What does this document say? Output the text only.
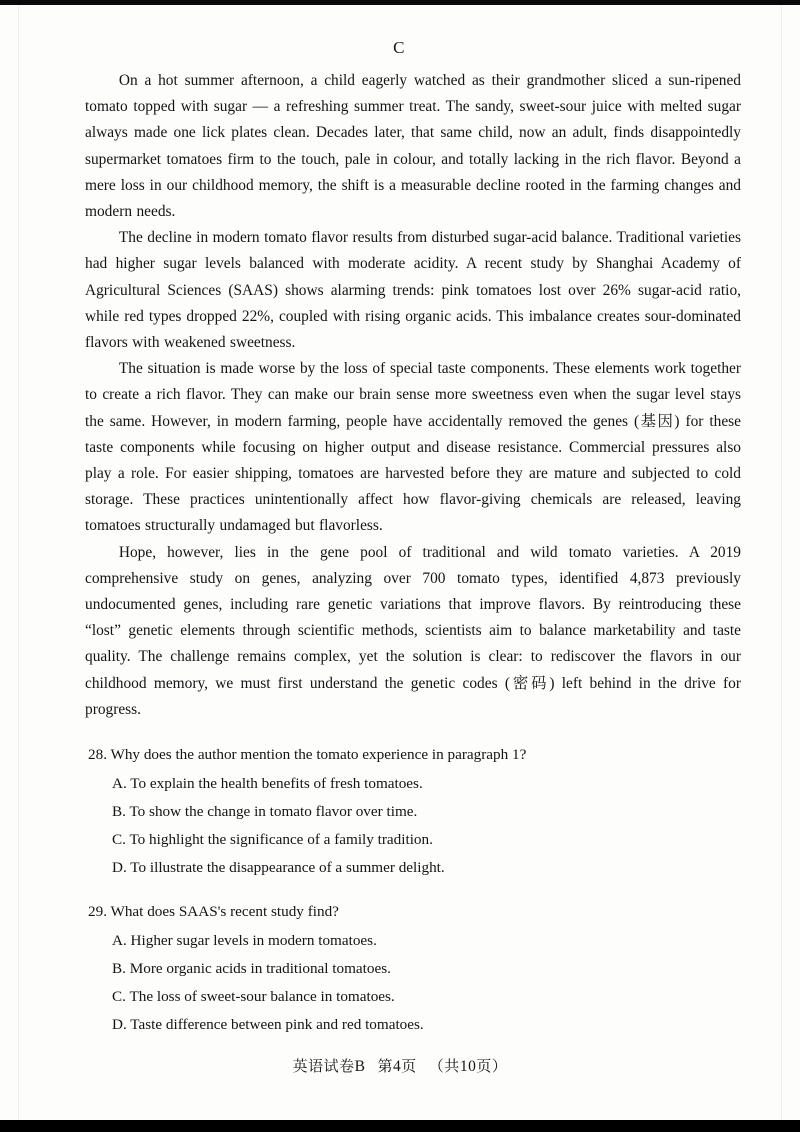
C

On a hot summer afternoon, a child eagerly watched as their grandmother sliced a sun-ripened tomato topped with sugar — a refreshing summer treat. The sandy, sweet-sour juice with melted sugar always made one lick plates clean. Decades later, that same child, now an adult, finds disappointedly supermarket tomatoes firm to the touch, pale in colour, and totally lacking in the rich flavor. Beyond a mere loss in our childhood memory, the shift is a measurable decline rooted in the farming changes and modern needs.

The decline in modern tomato flavor results from disturbed sugar-acid balance. Traditional varieties had higher sugar levels balanced with moderate acidity. A recent study by Shanghai Academy of Agricultural Sciences (SAAS) shows alarming trends: pink tomatoes lost over 26% sugar-acid ratio, while red types dropped 22%, coupled with rising organic acids. This imbalance creates sour-dominated flavors with weakened sweetness.

The situation is made worse by the loss of special taste components. These elements work together to create a rich flavor. They can make our brain sense more sweetness even when the sugar level stays the same. However, in modern farming, people have accidentally removed the genes (基因) for these taste components while focusing on higher output and disease resistance. Commercial pressures also play a role. For easier shipping, tomatoes are harvested before they are mature and subjected to cold storage. These practices unintentionally affect how flavor-giving chemicals are released, leaving tomatoes structurally undamaged but flavorless.

Hope, however, lies in the gene pool of traditional and wild tomato varieties. A 2019 comprehensive study on genes, analyzing over 700 tomato types, identified 4,873 previously undocumented genes, including rare genetic variations that improve flavors. By reintroducing these “lost” genetic elements through scientific methods, scientists aim to balance marketability and taste quality. The challenge remains complex, yet the solution is clear: to rediscover the flavors in our childhood memory, we must first understand the genetic codes (密码) left behind in the drive for progress.

28. Why does the author mention the tomato experience in paragraph 1?

A. To explain the health benefits of fresh tomatoes.

B. To show the change in tomato flavor over time.

C. To highlight the significance of a family tradition.

D. To illustrate the disappearance of a summer delight.

29. What does SAAS's recent study find?

A. Higher sugar levels in modern tomatoes.

B. More organic acids in traditional tomatoes.

C. The loss of sweet-sour balance in tomatoes.

D. Taste difference between pink and red tomatoes.

英语试卷B 第4页 （共10页）
